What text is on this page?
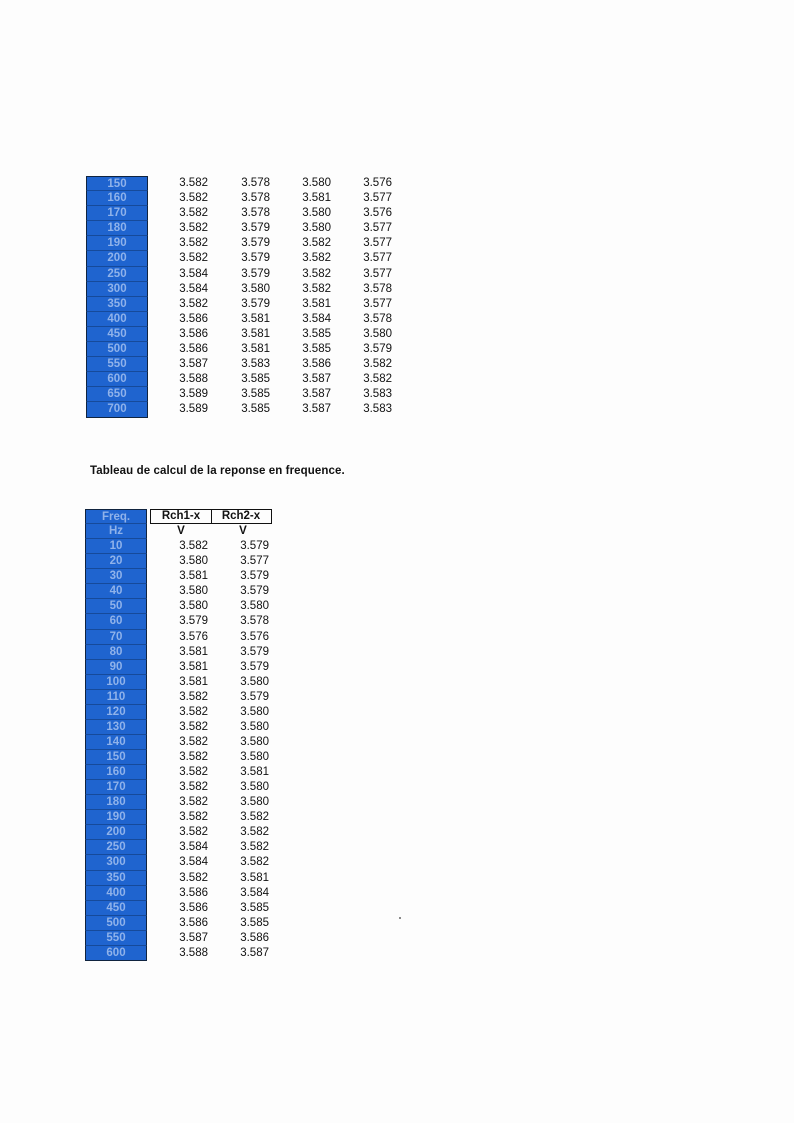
150	3.582	3.578	3.580	3.576
160	3.582	3.578	3.581	3.577
170	3.582	3.578	3.580	3.576
180	3.582	3.579	3.580	3.577
190	3.582	3.579	3.582	3.577
200	3.582	3.579	3.582	3.577
250	3.584	3.579	3.582	3.577
300	3.584	3.580	3.582	3.578
350	3.582	3.579	3.581	3.577
400	3.586	3.581	3.584	3.578
450	3.586	3.581	3.585	3.580
500	3.586	3.581	3.585	3.579
550	3.587	3.583	3.586	3.582
600	3.588	3.585	3.587	3.582
650	3.589	3.585	3.587	3.583
700	3.589	3.585	3.587	3.583
Tableau de calcul de la reponse en frequence.
Freq.	Rch1-x	Rch2-x
Hz	V	V
10	3.582	3.579
20	3.580	3.577
30	3.581	3.579
40	3.580	3.579
50	3.580	3.580
60	3.579	3.578
70	3.576	3.576
80	3.581	3.579
90	3.581	3.579
100	3.581	3.580
110	3.582	3.579
120	3.582	3.580
130	3.582	3.580
140	3.582	3.580
150	3.582	3.580
160	3.582	3.581
170	3.582	3.580
180	3.582	3.580
190	3.582	3.582
200	3.582	3.582
250	3.584	3.582
300	3.584	3.582
350	3.582	3.581
400	3.586	3.584
450	3.586	3.585
500	3.586	3.585
550	3.587	3.586
600	3.588	3.587
